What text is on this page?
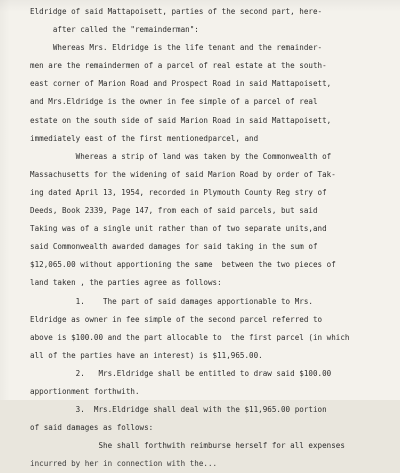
Eldridge of said Mattapoisett, parties of the second part, here-
after called the "remainderman":
Whereas Mrs. Eldridge is the life tenant and the remainder-
men are the remaindermen of a parcel of real estate at the south-
east corner of Marion Road and Prospect Road in said Mattapoisett,
and Mrs.Eldridge is the owner in fee simple of a parcel of real
estate on the south side of said Marion Road in said Mattapoisett,
immediately east of the first mentionedparcel, and
Whereas a strip of land was taken by the Commonwealth of
Massachusetts for the widening of said Marion Road by order of Tak-
ing dated April 13, 1954, recorded in Plymouth County Reg stry of
Deeds, Book 2339, Page 147, from each of said parcels, but said
Taking was of a single unit rather than of two separate units,and
said Commonwealth awarded damages for said taking in the sum of
$12,065.00 without apportioning the same  between the two pieces of
land taken , the parties agree as follows:
1.    The part of said damages apportionable to Mrs.
Eldridge as owner in fee simple of the second parcel referred to
above is $100.00 and the part allocable to  the first parcel (in which
all of the parties have an interest) is $11,965.00.
2.   Mrs.Eldridge shall be entitled to draw said $100.00
apportionment forthwith.
3.  Mrs.Eldridge shall deal with the $11,965.00 portion
of said damages as follows:
She shall forthwith reimburse herself for all expenses
incurred by her in connection with the...
